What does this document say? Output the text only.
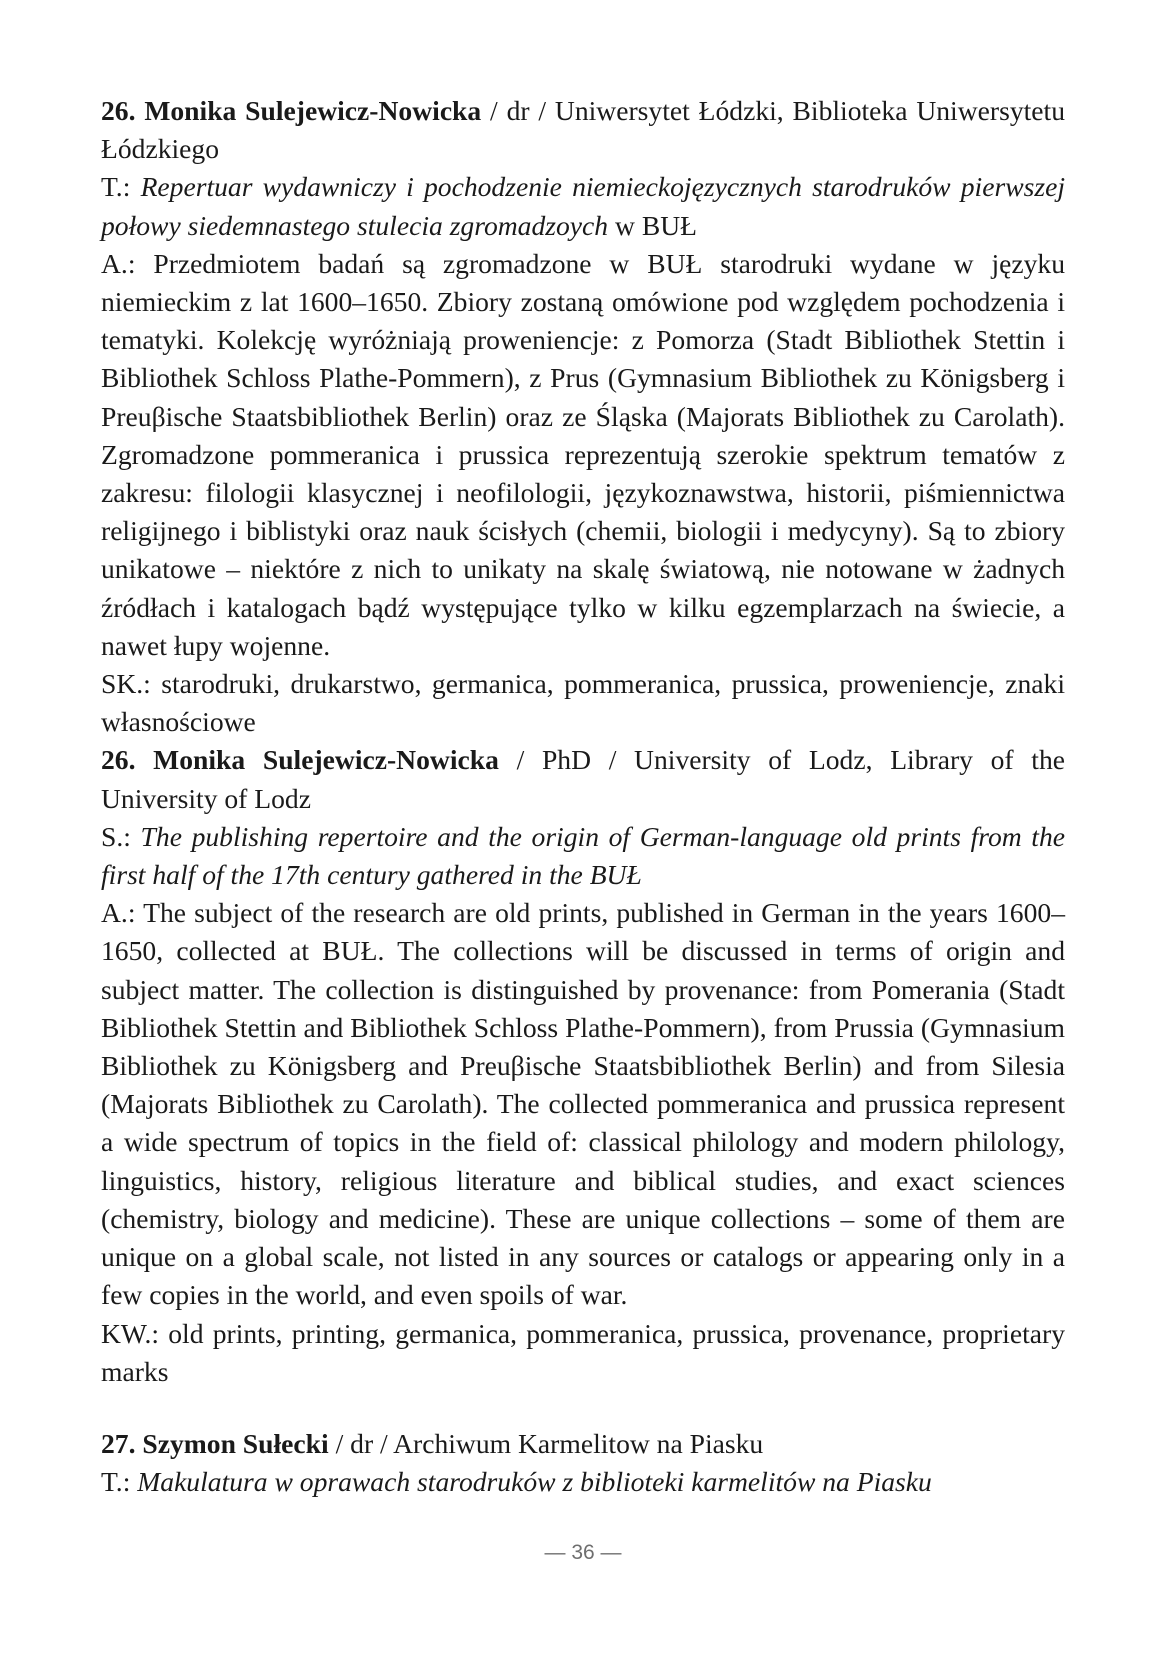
26. Monika Sulejewicz-Nowicka / dr / Uniwersytet Łódzki, Biblioteka Uniwersytetu Łódzkiego

T.: Repertuar wydawniczy i pochodzenie niemieckojęzycznych starodruków pierwszej połowy siedemnastego stulecia zgromadzoych w BUŁ

A.: Przedmiotem badań są zgromadzone w BUŁ starodruki wydane w języku niemieckim z lat 1600–1650. Zbiory zostaną omówione pod względem pochodzenia i tematyki. Kolekcję wyróżniają proweniencje: z Pomorza (Stadt Bibliothek Stettin i Bibliothek Schloss Plathe-Pommern), z Prus (Gymnasium Bibliothek zu Königsberg i Preuβische Staatsbibliothek Berlin) oraz ze Śląska (Majorats Bibliothek zu Carolath). Zgromadzone pommeranica i prussica reprezentują szerokie spektrum tematów z zakresu: filologii klasycznej i neofilologii, językoznawstwa, historii, piśmiennictwa religijnego i biblistyki oraz nauk ścisłych (chemii, biologii i medycyny). Są to zbiory unikatowe – niektóre z nich to unikaty na skalę światową, nie notowane w żadnych źródłach i katalogach bądź występujące tylko w kilku egzemplarzach na świecie, a nawet łupy wojenne.

SK.: starodruki, drukarstwo, germanica, pommeranica, prussica, proweniencje, znaki własnościowe

26. Monika Sulejewicz-Nowicka / PhD / University of Lodz, Library of the University of Lodz

S.: The publishing repertoire and the origin of German-language old prints from the first half of the 17th century gathered in the BUŁ

A.: The subject of the research are old prints, published in German in the years 1600–1650, collected at BUŁ. The collections will be discussed in terms of origin and subject matter. The collection is distinguished by provenance: from Pomerania (Stadt Bibliothek Stettin and Bibliothek Schloss Plathe-Pommern), from Prussia (Gymnasium Bibliothek zu Königsberg and Preuβische Staatsbibliothek Berlin) and from Silesia (Majorats Bibliothek zu Carolath). The collected pommeranica and prussica represent a wide spectrum of topics in the field of: classical philology and modern philology, linguistics, history, religious literature and biblical studies, and exact sciences (chemistry, biology and medicine). These are unique collections – some of them are unique on a global scale, not listed in any sources or catalogs or appearing only in a few copies in the world, and even spoils of war.

KW.: old prints, printing, germanica, pommeranica, prussica, provenance, proprietary marks

27. Szymon Sułecki / dr / Archiwum Karmelitow na Piasku

T.: Makulatura w oprawach starodruków z biblioteki karmelitów na Piasku

— 36 —
